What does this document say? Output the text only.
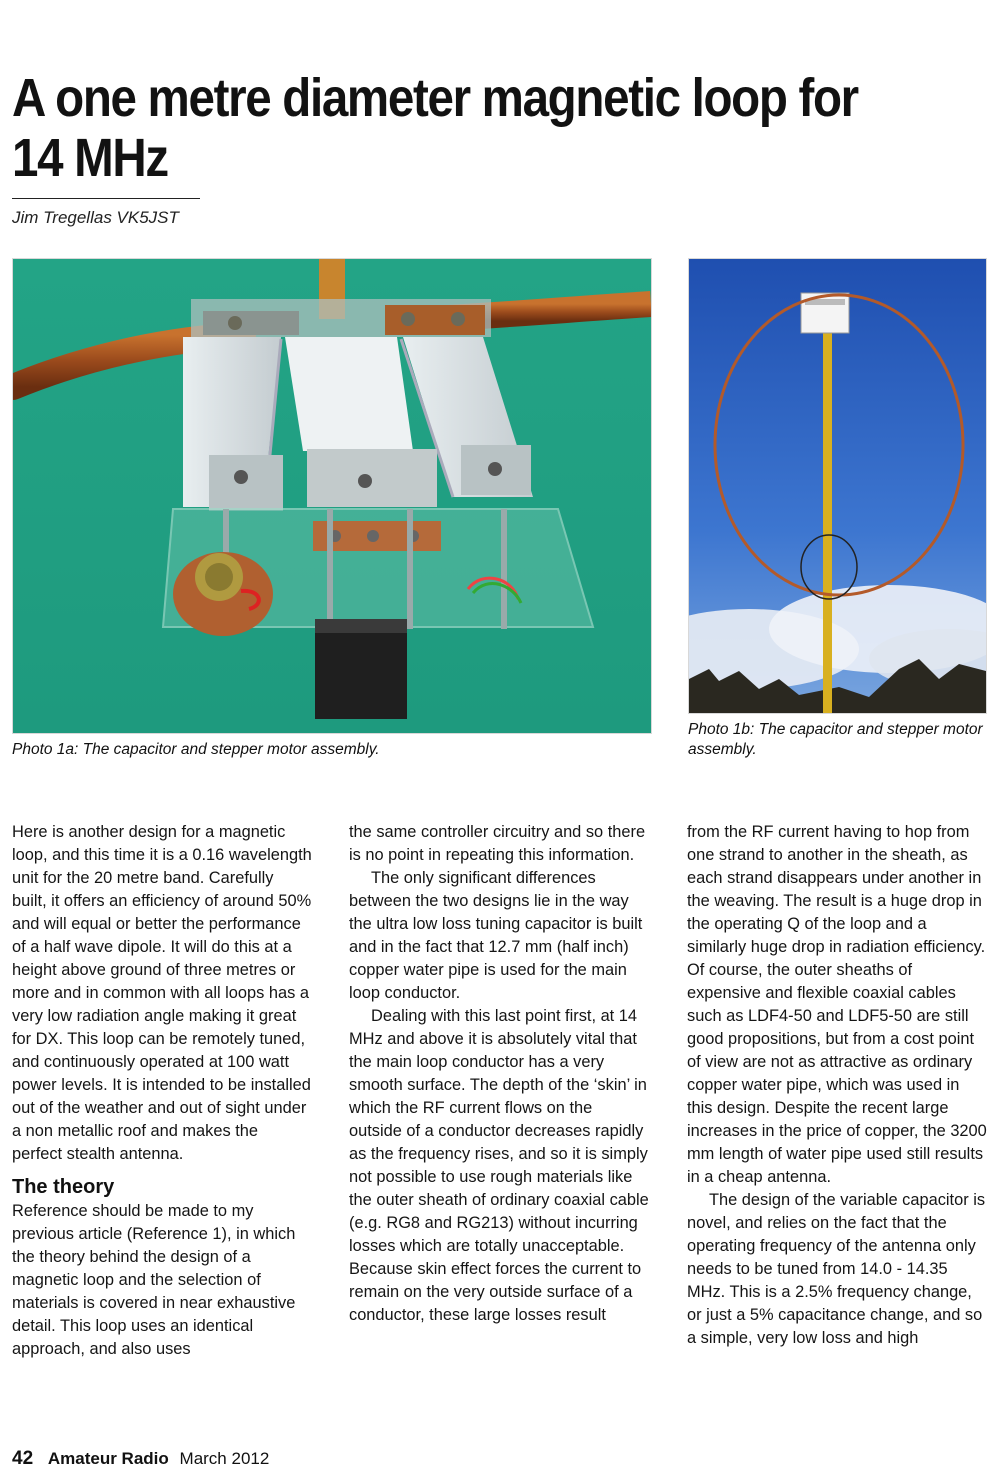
A one metre diameter magnetic loop for 14 MHz
Jim Tregellas VK5JST
Photo 1a: The capacitor and stepper motor assembly.
Photo 1b: The capacitor and stepper motor assembly.

Here is another design for a magnetic loop, and this time it is a 0.16 wavelength unit for the 20 metre band. Carefully built, it offers an efficiency of around 50% and will equal or better the performance of a half wave dipole. It will do this at a height above ground of three metres or more and in common with all loops has a very low radiation angle making it great for DX. This loop can be remotely tuned, and continuously operated at 100 watt power levels. It is intended to be installed out of the weather and out of sight under a non metallic roof and makes the perfect stealth antenna.

The theory

Reference should be made to my previous article (Reference 1), in which the theory behind the design of a magnetic loop and the selection of materials is covered in near exhaustive detail. This loop uses an identical approach, and also uses

the same controller circuitry and so there is no point in repeating this information.

The only significant differences between the two designs lie in the way the ultra low loss tuning capacitor is built and in the fact that 12.7 mm (half inch) copper water pipe is used for the main loop conductor.

Dealing with this last point first, at 14 MHz and above it is absolutely vital that the main loop conductor has a very smooth surface. The depth of the ‘skin’ in which the RF current flows on the outside of a conductor decreases rapidly as the frequency rises, and so it is simply not possible to use rough materials like the outer sheath of ordinary coaxial cable (e.g. RG8 and RG213) without incurring losses which are totally unacceptable. Because skin effect forces the current to remain on the very outside surface of a conductor, these large losses result

from the RF current having to hop from one strand to another in the sheath, as each strand disappears under another in the weaving. The result is a huge drop in the operating Q of the loop and a similarly huge drop in radiation efficiency. Of course, the outer sheaths of expensive and flexible coaxial cables such as LDF4-50 and LDF5-50 are still good propositions, but from a cost point of view are not as attractive as ordinary copper water pipe, which was used in this design. Despite the recent large increases in the price of copper, the 3200 mm length of water pipe used still results in a cheap antenna.

The design of the variable capacitor is novel, and relies on the fact that the operating frequency of the antenna only needs to be tuned from 14.0 - 14.35 MHz. This is a 2.5% frequency change, or just a 5% capacitance change, and so a simple, very low loss and high

42 Amateur Radio March 2012
